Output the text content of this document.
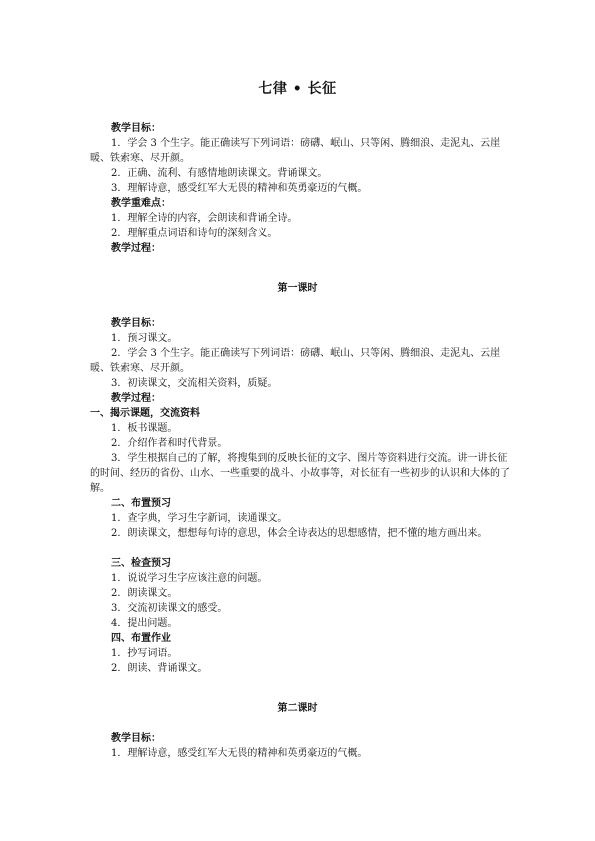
七律 • 长征
教学目标：
1．学会 3 个生字。能正确读写下列词语：磅礴、岷山、只等闲、腾细浪、走泥丸、云崖暖、铁索寒、尽开颜。
2．正确、流利、有感情地朗读课文。背诵课文。
3．理解诗意，感受红军大无畏的精神和英勇豪迈的气概。
教学重难点：
1．理解全诗的内容，会朗读和背诵全诗。
2．理解重点词语和诗句的深刻含义。
教学过程：
第一课时
教学目标：
1．预习课文。
2．学会 3 个生字。能正确读写下列词语：磅礴、岷山、只等闲、腾细浪、走泥丸、云崖暖、铁索寒、尽开颜。
3．初读课文，交流相关资料，质疑。
教学过程：
一、揭示课题，交流资料
1．板书课题。
2．介绍作者和时代背景。
3．学生根据自己的了解，将搜集到的反映长征的文字、图片等资料进行交流。讲一讲长征的时间、经历的省份、山水、一些重要的战斗、小故事等，对长征有一些初步的认识和大体的了解。
二、布置预习
1．查字典，学习生字新词，读通课文。
2．朗读课文，想想每句诗的意思，体会全诗表达的思想感情，把不懂的地方画出来。
三、检查预习
1．说说学习生字应该注意的问题。
2．朗读课文。
3．交流初读课文的感受。
4．提出问题。
四、布置作业
1．抄写词语。
2．朗读、背诵课文。
第二课时
教学目标：
1．理解诗意，感受红军大无畏的精神和英勇豪迈的气概。
